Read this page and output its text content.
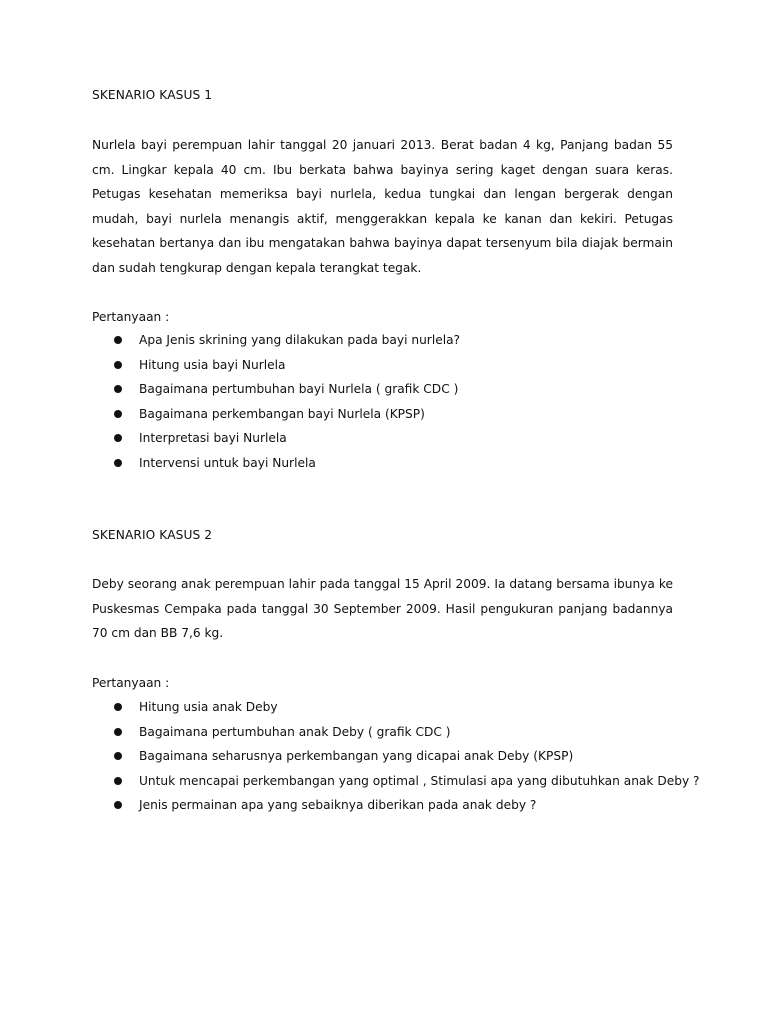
SKENARIO KASUS 1
Nurlela bayi perempuan lahir tanggal 20 januari 2013. Berat badan 4 kg, Panjang badan 55 cm. Lingkar kepala 40 cm. Ibu berkata bahwa bayinya sering kaget dengan suara keras. Petugas kesehatan memeriksa bayi nurlela, kedua tungkai dan lengan bergerak dengan mudah, bayi nurlela menangis aktif, menggerakkan kepala ke kanan dan kekiri. Petugas kesehatan bertanya dan ibu mengatakan bahwa bayinya dapat tersenyum bila diajak bermain dan sudah tengkurap dengan kepala terangkat tegak.
Pertanyaan :
Apa Jenis skrining yang dilakukan pada bayi nurlela?
Hitung usia bayi Nurlela
Bagaimana pertumbuhan bayi Nurlela ( grafik CDC )
Bagaimana perkembangan bayi Nurlela (KPSP)
Interpretasi bayi Nurlela
Intervensi untuk bayi Nurlela
SKENARIO KASUS 2
Deby seorang anak perempuan lahir pada tanggal 15 April 2009. Ia datang bersama ibunya ke Puskesmas Cempaka pada tanggal 30 September 2009. Hasil pengukuran panjang badannya 70 cm dan BB 7,6 kg.
Pertanyaan :
Hitung usia anak Deby
Bagaimana pertumbuhan anak Deby ( grafik CDC )
Bagaimana seharusnya perkembangan yang dicapai anak Deby (KPSP)
Untuk mencapai perkembangan yang optimal , Stimulasi apa yang dibutuhkan anak Deby ?
Jenis permainan apa yang sebaiknya diberikan pada anak deby ?
